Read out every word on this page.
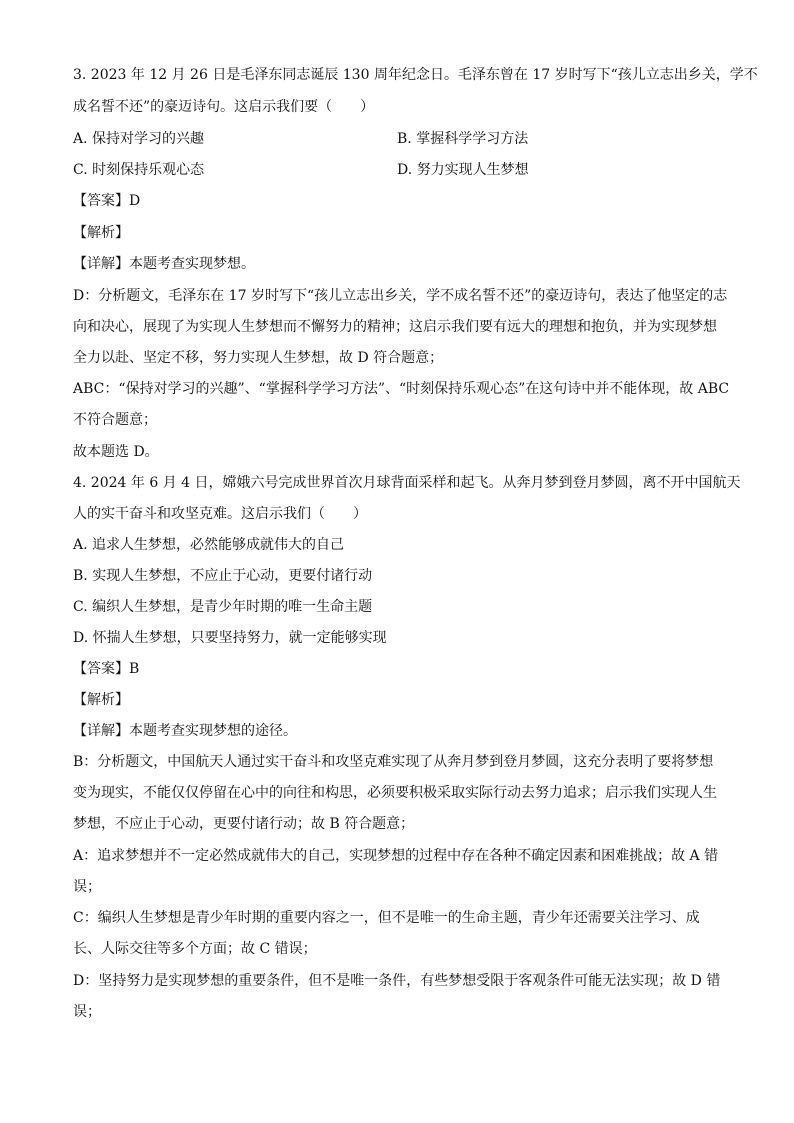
3. 2023 年 12 月 26 日是毛泽东同志诞辰 130 周年纪念日。毛泽东曾在 17 岁时写下“孩儿立志出乡关，学不
成名誓不还”的豪迈诗句。这启示我们要（　　）
A. 保持对学习的兴趣	B. 掌握科学学习方法
C. 时刻保持乐观心态	D. 努力实现人生梦想
【答案】D
【解析】
【详解】本题考查实现梦想。
D：分析题文，毛泽东在 17 岁时写下“孩儿立志出乡关，学不成名誓不还”的豪迈诗句，表达了他坚定的志
向和决心，展现了为实现人生梦想而不懈努力的精神；这启示我们要有远大的理想和抱负，并为实现梦想
全力以赴、坚定不移，努力实现人生梦想，故 D 符合题意；
ABC：“保持对学习的兴趣”、“掌握科学学习方法”、“时刻保持乐观心态”在这句诗中并不能体现，故 ABC
不符合题意；
故本题选 D。
4. 2024 年 6 月 4 日，嫦娥六号完成世界首次月球背面采样和起飞。从奔月梦到登月梦圆，离不开中国航天
人的实干奋斗和攻坚克难。这启示我们（　　）
A. 追求人生梦想，必然能够成就伟大的自己
B. 实现人生梦想，不应止于心动，更要付诸行动
C. 编织人生梦想，是青少年时期的唯一生命主题
D. 怀揣人生梦想，只要坚持努力，就一定能够实现
【答案】B
【解析】
【详解】本题考查实现梦想的途径。
B：分析题文，中国航天人通过实干奋斗和攻坚克难实现了从奔月梦到登月梦圆，这充分表明了要将梦想
变为现实，不能仅仅停留在心中的向往和构思，必须要积极采取实际行动去努力追求；启示我们实现人生
梦想，不应止于心动，更要付诸行动；故 B 符合题意；
A：追求梦想并不一定必然成就伟大的自己，实现梦想的过程中存在各种不确定因素和困难挑战；故 A 错
误；
C：编织人生梦想是青少年时期的重要内容之一，但不是唯一的生命主题，青少年还需要关注学习、成
长、人际交往等多个方面；故 C 错误；
D：坚持努力是实现梦想的重要条件，但不是唯一条件，有些梦想受限于客观条件可能无法实现；故 D 错
误；
